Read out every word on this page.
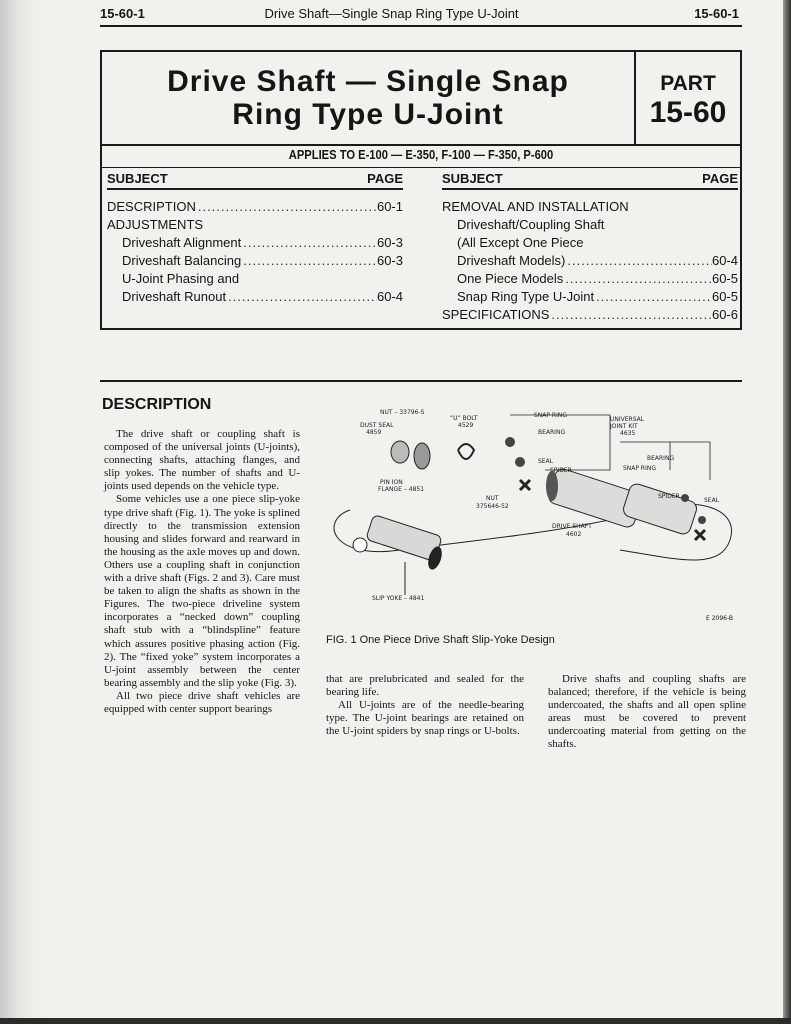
15-60-1	Drive Shaft—Single Snap Ring Type U-Joint	15-60-1
Drive Shaft — Single Snap
Ring Type U-Joint
PART
15-60
APPLIES TO E-100 — E-350, F-100 — F-350, P-600
SUBJECT	PAGE
DESCRIPTION .....	60-1
ADJUSTMENTS
Driveshaft Alignment .....	60-3
Driveshaft Balancing .....	60-3
U-Joint Phasing and
Driveshaft Runout .....	60-4
SUBJECT	PAGE
REMOVAL AND INSTALLATION
Driveshaft/Coupling Shaft
(All Except One Piece
Driveshaft Models) .....	60-4
One Piece Models .....	60-5
Snap Ring Type U-Joint .....	60-5
SPECIFICATIONS .....	60-6
DESCRIPTION

The drive shaft or coupling shaft is composed of the universal joints (U-joints), connecting shafts, attaching flanges, and slip yokes. The number of shafts and U-joints used depends on the vehicle type.

Some vehicles use a one piece slip-yoke type drive shaft (Fig. 1). The yoke is splined directly to the transmission extension housing and slides forward and rearward in the housing as the axle moves up and down. Others use a coupling shaft in conjunction with a drive shaft (Figs. 2 and 3). Care must be taken to align the shafts as shown in the Figures. The two-piece driveline system incorporates a “necked down” coupling shaft stub with a “blindspline” feature which assures positive phasing action (Fig. 2). The “fixed yoke” system incorporates a U-joint assembly between the center bearing assembly and the slip yoke (Fig. 3).

All two piece drive shaft vehicles are equipped with center support bearings

that are prelubricated and sealed for the bearing life.

All U-joints are of the needle-bearing type. The U-joint bearings are retained on the U-joint spiders by snap rings or U-bolts.

Drive shafts and coupling shafts are balanced; therefore, if the vehicle is being undercoated, the shafts and all open spline areas must be covered to prevent undercoating material from getting on the shafts.

NUT – 33796-S
“U” BOLT
4529
DUST SEAL
4859
SNAP RING
BEARING
UNIVERSAL
JOINT KIT
4635
SEAL
SPIDER
BEARING
SNAP RING
SPIDER
SEAL
PIN ION
FLANGE – 4851
NUT
375646-52
DRIVE SHAFT
4602
SLIP YOKE – 4841
E 2096-B
FIG. 1 One Piece Drive Shaft Slip-Yoke Design
